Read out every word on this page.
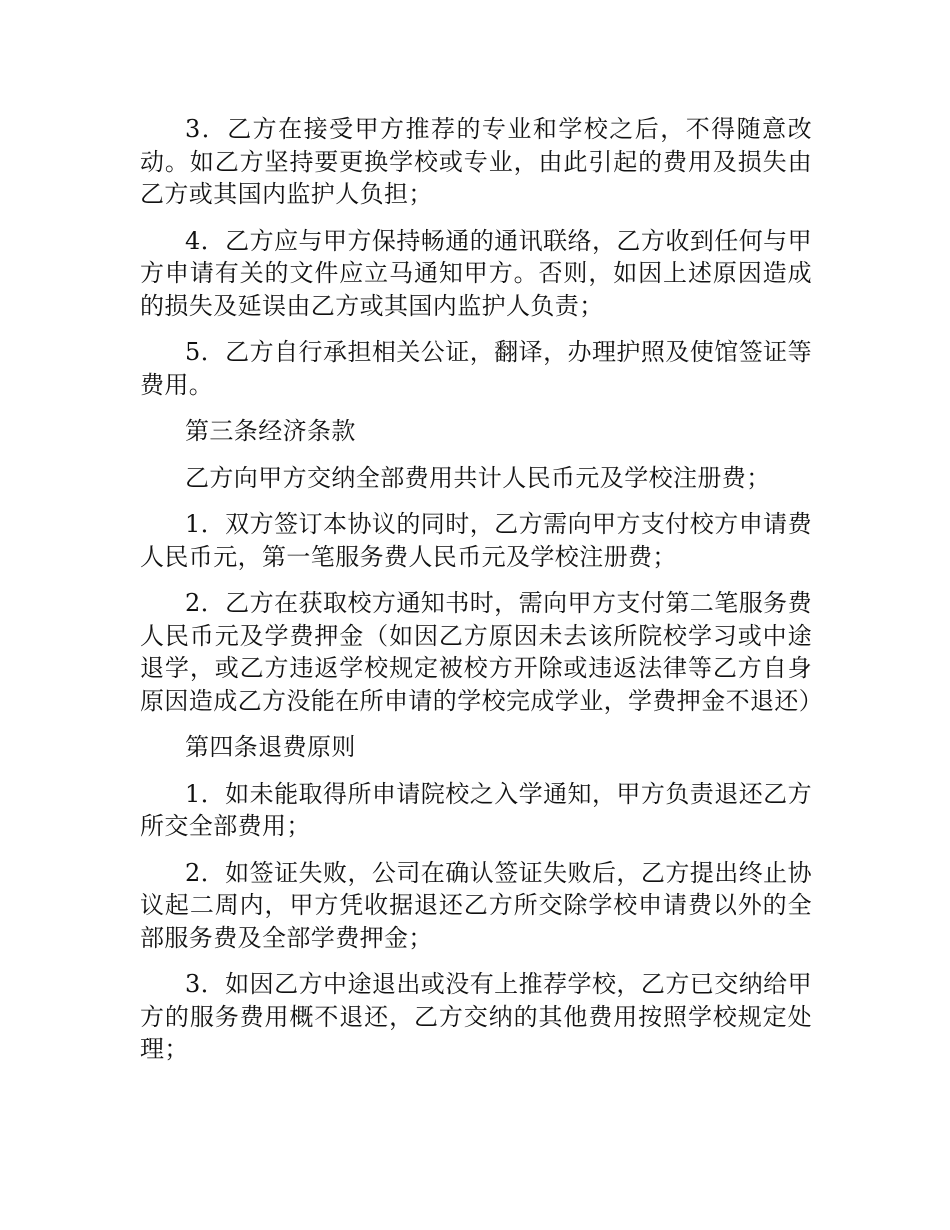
3．乙方在接受甲方推荐的专业和学校之后，不得随意改动。如乙方坚持要更换学校或专业，由此引起的费用及损失由乙方或其国内监护人负担；

4．乙方应与甲方保持畅通的通讯联络，乙方收到任何与甲方申请有关的文件应立马通知甲方。否则，如因上述原因造成的损失及延误由乙方或其国内监护人负责；

5．乙方自行承担相关公证，翻译，办理护照及使馆签证等费用。

第三条经济条款

乙方向甲方交纳全部费用共计人民币元及学校注册费；

1．双方签订本协议的同时，乙方需向甲方支付校方申请费人民币元，第一笔服务费人民币元及学校注册费；

2．乙方在获取校方通知书时，需向甲方支付第二笔服务费人民币元及学费押金（如因乙方原因未去该所院校学习或中途退学，或乙方违返学校规定被校方开除或违返法律等乙方自身原因造成乙方没能在所申请的学校完成学业，学费押金不退还）

第四条退费原则

1．如未能取得所申请院校之入学通知，甲方负责退还乙方所交全部费用；

2．如签证失败，公司在确认签证失败后，乙方提出终止协议起二周内，甲方凭收据退还乙方所交除学校申请费以外的全部服务费及全部学费押金；

3．如因乙方中途退出或没有上推荐学校，乙方已交纳给甲方的服务费用概不退还，乙方交纳的其他费用按照学校规定处理；
